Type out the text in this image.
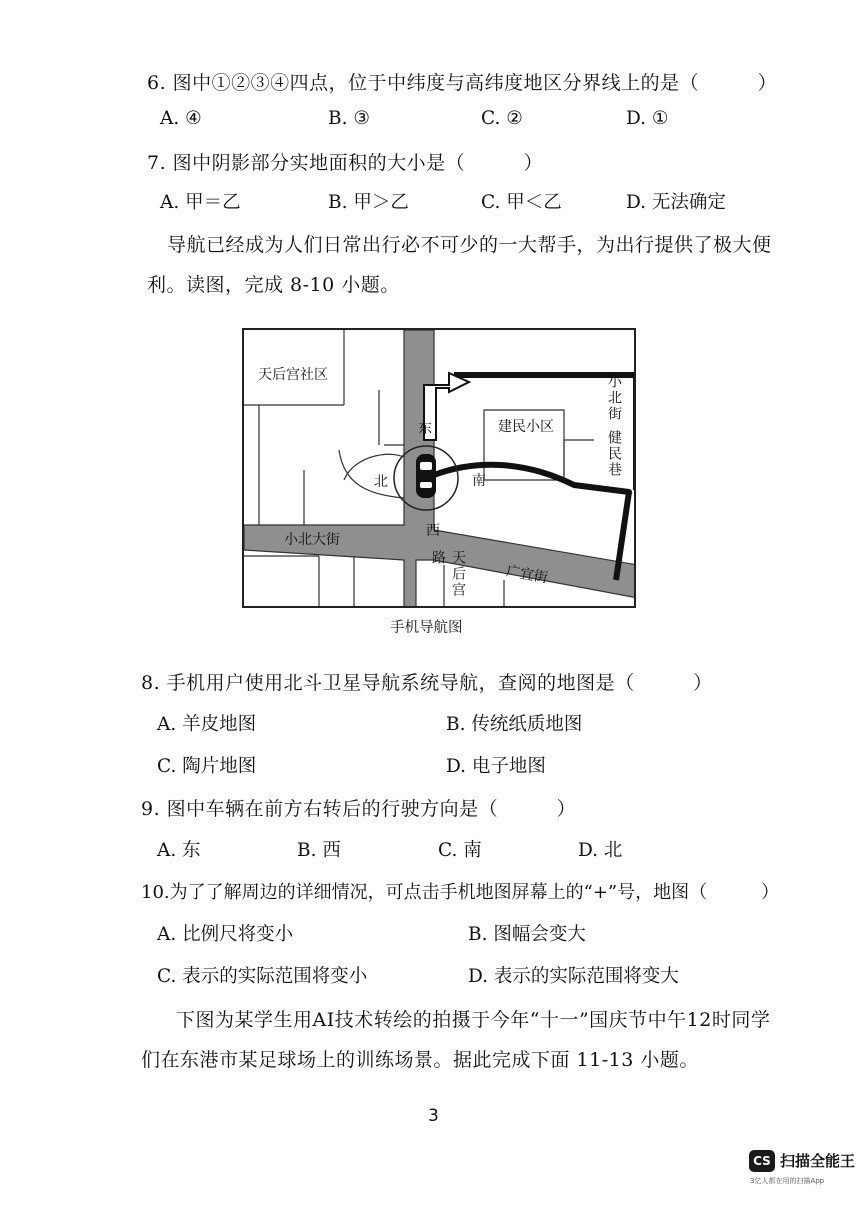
6. 图中①②③④四点，位于中纬度与高纬度地区分界线上的是（　　　）
A. ④	B. ③	C. ②	D. ①
7. 图中阴影部分实地面积的大小是（　　　）
A. 甲＝乙	B. 甲＞乙	C. 甲＜乙	D. 无法确定
导航已经成为人们日常出行必不可少的一大帮手，为出行提供了极大便
利。读图，完成 8-10 小题。
天后宫社区
建民小区
小北街
健民巷
小北大街
广宜街
天后宫路
东
西
南
北
手机导航图
8. 手机用户使用北斗卫星导航系统导航，查阅的地图是（　　　）
A. 羊皮地图	B. 传统纸质地图
C. 陶片地图	D. 电子地图
9. 图中车辆在前方右转后的行驶方向是（　　　）
A. 东	B. 西	C. 南	D. 北
10.为了了解周边的详细情况，可点击手机地图屏幕上的“+”号，地图（　　　）
A. 比例尺将变小	B. 图幅会变大
C. 表示的实际范围将变小	D. 表示的实际范围将变大
下图为某学生用AI技术转绘的拍摄于今年“十一”国庆节中午12时同学
们在东港市某足球场上的训练场景。据此完成下面 11-13 小题。
3
CS 扫描全能王
3亿人都在用的扫描App
